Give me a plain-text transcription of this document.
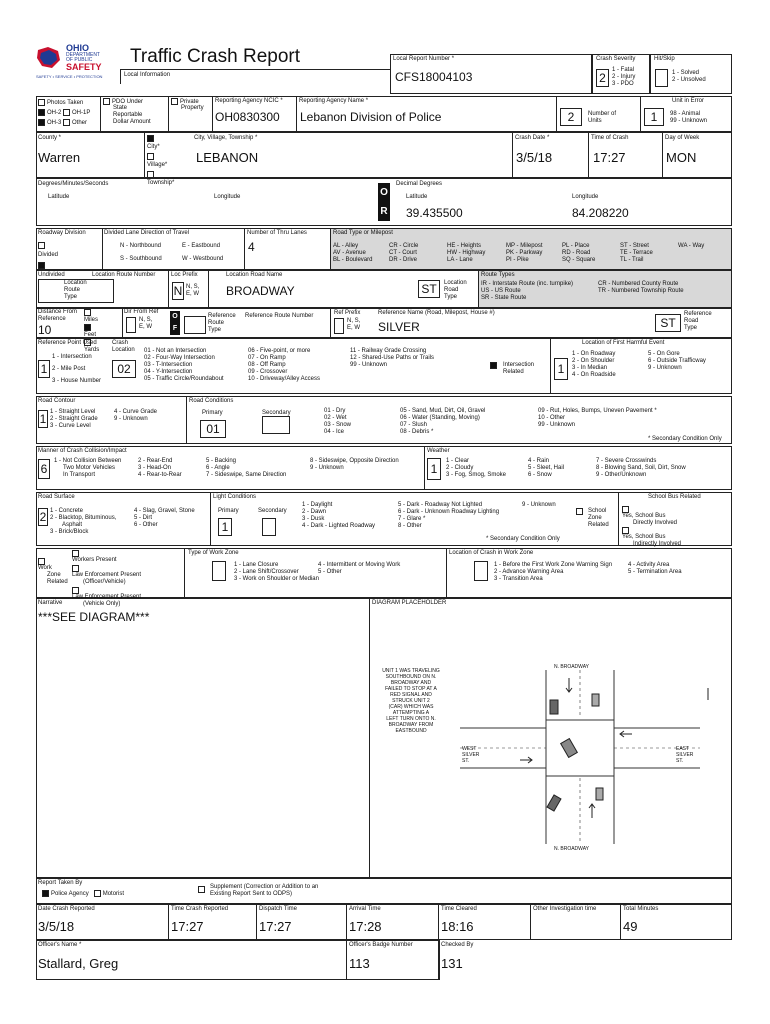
OHIO
DEPARTMENT
OF PUBLIC
SAFETY
SAFETY • SERVICE • PROTECTION
Traffic Crash Report
Local Information
Local Report Number *
CFS18004103
Crash Severity
2
1 - Fatal
2 - Injury
3 - PDO
Hit/Skip
1 - Solved
2 - Unsolved
Photos Taken
OH-2 OH-1P
OH-3 Other
PDO Under
State
Reportable
Dollar Amount
Private
Property
Reporting Agency NCIC *
OH0830300
Reporting Agency Name *
Lebanon Division of Police	2	Number of
Units
Unit in Error
1	98 - Animal
99 - Unknown
County *
Warren
City*
Village*
Township*
City, Village, Township *
LEBANON
Crash Date *
3/5/18
Time of Crash
17:27
Day of Week
MON
Degrees/Minutes/Seconds
Latitude	Longitude	O
R
Decimal Degrees
Latitude	Longitude
39.435500	84.208220
Roadway Division
Divided
Undivided
Divided Lane Direction of Travel
N - Northbound	E - Eastbound
S - Southbound	W - Westbound
Number of Thru Lanes
4
Road Type or Milepost
AL - Alley
AV - Avenue
BL - Boulevard
CR - Circle
CT - Court
DR - Drive
HE - Heights
HW - Highway
LA - Lane
MP - Milepost
PK - Parkway
PI - Pike
PL - Place
RD - Road
SQ - Square
ST - Street
TE - Terrace
TL - Trail
WA - Way
Location Route Number
Location
Route
Type
Loc Prefix
N N, S,
E, W
Location Road Name
BROADWAY	ST	Location
Road
Type
Route Types
IR - Interstate Route (inc. turnpike)
US - US Route
SR - State Route
CR - Numbered County Route
TR - Numbered Township Route
Distance From
Reference	Miles
Feet
Yards
10
Dir From Ref
N, S,
E, W
O
F
Reference
Route
Type
Reference Route Number	Ref Prefix
N, S,
E, W
Reference Name (Road, Milepost, House #)
SILVER	ST
Reference
Road
Type
Reference Point Used
1
1 - Intersection
2 - Mile Post
3 - House Number
Crash
Location
02
01 - Not an Intersection
02 - Four-Way Intersection
03 - T-Intersection
04 - Y-Intersection
05 - Traffic Circle/Roundabout
06 - Five-point, or more
07 - On Ramp
08 - Off Ramp
09 - Crossover
10 - Driveway/Alley Access
11 - Railway Grade Crossing
12 - Shared-Use Paths or Trails
99 - Unknown	Intersection
Related
Location of First Harmful Event
1
1 - On Roadway
2 - On Shoulder
3 - In Median
4 - On Roadside
5 - On Gore
6 - Outside Trafficway
9 - Unknown
Road Contour
1 1 - Straight Level
2 - Straight Grade
3 - Curve Level
4 - Curve Grade
9 - Unknown
Road Conditions
Primary	Secondary
01
01 - Dry
02 - Wet
03 - Snow
04 - Ice
05 - Sand, Mud, Dirt, Oil, Gravel
06 - Water (Standing, Moving)
07 - Slush
08 - Debris *
09 - Rut, Holes, Bumps, Uneven Pavement *
10 - Other
99 - Unknown
* Secondary Condition Only
Manner of Crash Collision/Impact
6
1 - Not Collision Between
Two Motor Vehicles
In Transport
2 - Rear-End
3 - Head-On
4 - Rear-to-Rear
5 - Backing
6 - Angle
7 - Sideswipe, Same Direction
8 - Sideswipe, Opposite Direction
9 - Unknown
Weather
1
1 - Clear
2 - Cloudy
3 - Fog, Smog, Smoke
4 - Rain
5 - Sleet, Hail
6 - Snow
7 - Severe Crosswinds
8 - Blowing Sand, Soil, Dirt, Snow
9 - Other/Unknown
Road Surface
2 1 - Concrete
2 - Blacktop, Bituminous,
Asphalt
3 - Brick/Block
4 - Slag, Gravel, Stone
5 - Dirt
6 - Other
Light Conditions
Primary	Secondary
1
1 - Daylight
2 - Dawn
3 - Dusk
4 - Dark - Lighted Roadway
5 - Dark - Roadway Not Lighted
6 - Dark - Unknown Roadway Lighting
7 - Glare *
8 - Other
9 - Unknown
* Secondary Condition Only
School
Zone
Related
School Bus Related
Yes, School Bus
Directly Involved
Yes, School Bus
Indirectly Involved
Work
Zone
Related
Workers Present
Law Enforcement Present
(Officer/Vehicle)
Law Enforcement Present
(Vehicle Only)
Type of Work Zone
1 - Lane Closure
2 - Lane Shift/Crossover
3 - Work on Shoulder or Median
4 - Intermittent or Moving Work
5 - Other
Location of Crash in Work Zone
1 - Before the First Work Zone Warning Sign
2 - Advance Warning Area
3 - Transition Area
4 - Activity Area
5 - Termination Area
Narrative
***SEE DIAGRAM***
DIAGRAM PLACEHOLDER
UNIT 1 WAS TRAVELING
SOUTHBOUND ON N.
BROADWAY AND
FAILED TO STOP AT A
RED SIGNAL AND
STRUCK UNIT 2
(CAR) WHICH WAS
ATTEMPTING A
LEFT TURN ONTO N.
BROADWAY FROM
EASTBOUND
N. BROADWAY
N. BROADWAY
WEST
SILVER
ST.
EAST
SILVER
ST.
Report Taken By
Police Agency Motorist
Supplement (Correction or Addition to an
Existing Report Sent to ODPS)
Date Crash Reported
3/5/18
Time Crash Reported
17:27
Dispatch Time
17:27
Arrival Time
17:28
Time Cleared
18:16
Other Investigation time	Total Minutes
49
Officer's Name *
Stallard, Greg
Officer's Badge Number
113
Checked By
131
